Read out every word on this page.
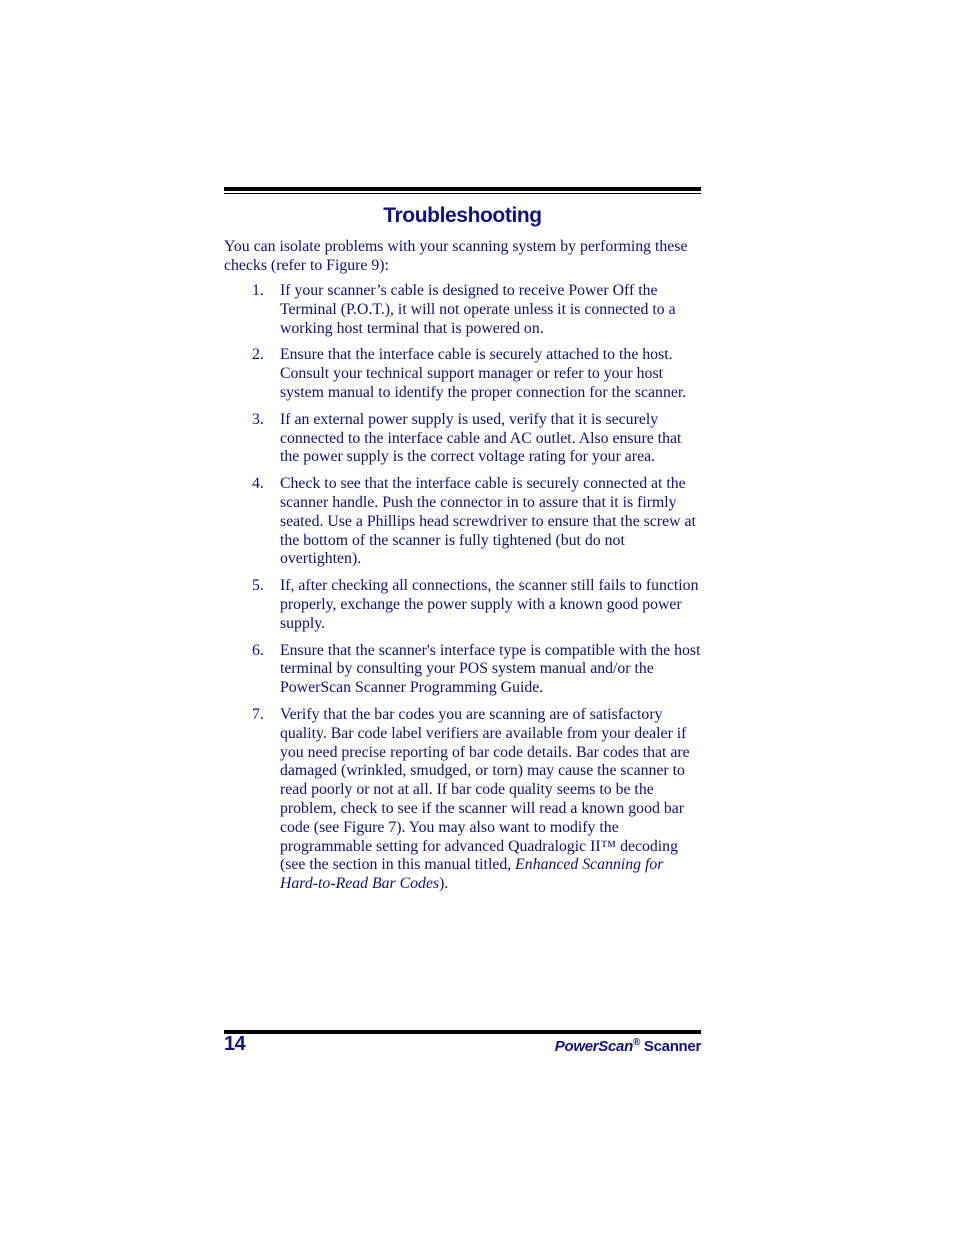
Troubleshooting

You can isolate problems with your scanning system by performing these checks (refer to Figure 9):

1. If your scanner’s cable is designed to receive Power Off the Terminal (P.O.T.), it will not operate unless it is connected to a working host terminal that is powered on.
2. Ensure that the interface cable is securely attached to the host. Consult your technical support manager or refer to your host system manual to identify the proper connection for the scanner.
3. If an external power supply is used, verify that it is securely connected to the interface cable and AC outlet. Also ensure that the power supply is the correct voltage rating for your area.
4. Check to see that the interface cable is securely connected at the scanner handle. Push the connector in to assure that it is firmly seated. Use a Phillips head screwdriver to ensure that the screw at the bottom of the scanner is fully tightened (but do not overtighten).
5. If, after checking all connections, the scanner still fails to function properly, exchange the power supply with a known good power supply.
6. Ensure that the scanner's interface type is compatible with the host terminal by consulting your POS system manual and/or the PowerScan Scanner Programming Guide.
7. Verify that the bar codes you are scanning are of satisfactory quality. Bar code label verifiers are available from your dealer if you need precise reporting of bar code details. Bar codes that are damaged (wrinkled, smudged, or torn) may cause the scanner to read poorly or not at all. If bar code quality seems to be the problem, check to see if the scanner will read a known good bar code (see Figure 7). You may also want to modify the programmable setting for advanced Quadralogic II™ decoding (see the section in this manual titled, Enhanced Scanning for Hard-to-Read Bar Codes).
14	PowerScan® Scanner
